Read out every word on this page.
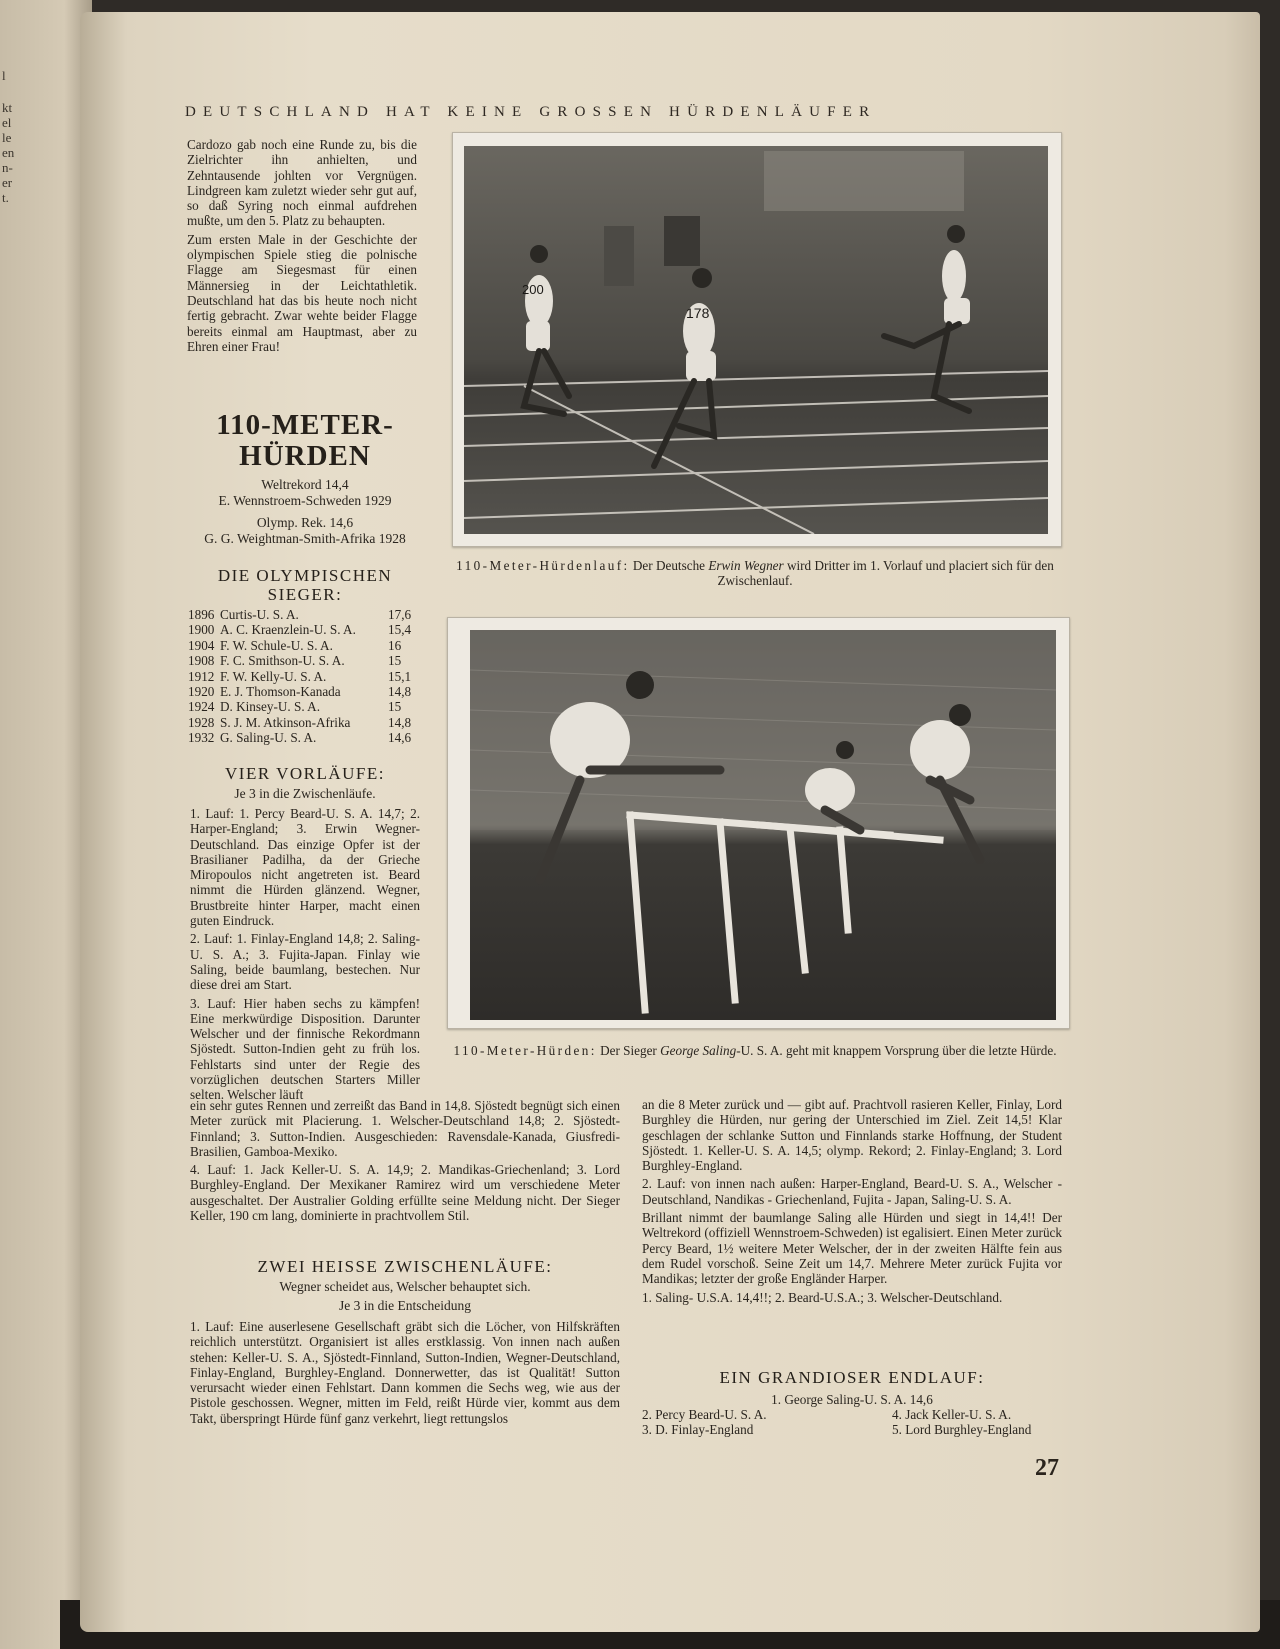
l
kt
el
le
en
n-
er
t.
DEUTSCHLAND HAT KEINE GROSSEN HÜRDENLÄUFER

Cardozo gab noch eine Runde zu, bis die Zielrichter ihn anhielten, und Zehntausende johlten vor Vergnügen. Lindgreen kam zuletzt wieder sehr gut auf, so daß Syring noch einmal aufdrehen mußte, um den 5. Platz zu behaupten.

Zum ersten Male in der Geschichte der olympischen Spiele stieg die polnische Flagge am Siegesmast für einen Männersieg in der Leichtathletik. Deutschland hat das bis heute noch nicht fertig gebracht. Zwar wehte beider Flagge bereits einmal am Hauptmast, aber zu Ehren einer Frau!

110-METER-
HÜRDEN
Weltrekord 14,4
E. Wennstroem-Schweden 1929
Olymp. Rek. 14,6
G. G. Weightman-Smith-Afrika 1928
DIE OLYMPISCHEN
SIEGER:
1896 Curtis-U. S. A.	17,6
1900 A. C. Kraenzlein-U. S. A.	15,4
1904 F. W. Schule-U. S. A.	16
1908 F. C. Smithson-U. S. A.	15
1912 F. W. Kelly-U. S. A.	15,1
1920 E. J. Thomson-Kanada	14,8
1924 D. Kinsey-U. S. A.	15
1928 S. J. M. Atkinson-Afrika	14,8
1932 G. Saling-U. S. A.	14,6
VIER VORLÄUFE:
Je 3 in die Zwischenläufe.

1. Lauf: 1. Percy Beard-U. S. A. 14,7; 2. Harper-England; 3. Erwin Wegner-Deutschland. Das einzige Opfer ist der Brasilianer Padilha, da der Grieche Miropoulos nicht angetreten ist. Beard nimmt die Hürden glänzend. Wegner, Brustbreite hinter Harper, macht einen guten Eindruck.

2. Lauf: 1. Finlay-England 14,8; 2. Saling-U. S. A.; 3. Fujita-Japan. Finlay wie Saling, beide baumlang, bestechen. Nur diese drei am Start.

3. Lauf: Hier haben sechs zu kämpfen! Eine merkwürdige Disposition. Darunter Welscher und der finnische Rekordmann Sjöstedt. Sutton-Indien geht zu früh los. Fehlstarts sind unter der Regie des vorzüglichen deutschen Starters Miller selten. Welscher läuft

ein sehr gutes Rennen und zerreißt das Band in 14,8. Sjöstedt begnügt sich einen Meter zurück mit Placierung. 1. Welscher-Deutschland 14,8; 2. Sjöstedt-Finnland; 3. Sutton-Indien. Ausgeschieden: Ravensdale-Kanada, Giusfredi-Brasilien, Gamboa-Mexiko.

4. Lauf: 1. Jack Keller-U. S. A. 14,9; 2. Mandikas-Griechenland; 3. Lord Burghley-England. Der Mexikaner Ramirez wird um verschiedene Meter ausgeschaltet. Der Australier Golding erfüllte seine Meldung nicht. Der Sieger Keller, 190 cm lang, dominierte in prachtvollem Stil.

ZWEI HEISSE ZWISCHENLÄUFE:
Wegner scheidet aus, Welscher behauptet sich.
Je 3 in die Entscheidung

1. Lauf: Eine auserlesene Gesellschaft gräbt sich die Löcher, von Hilfskräften reichlich unterstützt. Organisiert ist alles erstklassig. Von innen nach außen stehen: Keller-U. S. A., Sjöstedt-Finnland, Sutton-Indien, Wegner-Deutschland, Finlay-England, Burghley-England. Donnerwetter, das ist Qualität! Sutton verursacht wieder einen Fehlstart. Dann kommen die Sechs weg, wie aus der Pistole geschossen. Wegner, mitten im Feld, reißt Hürde vier, kommt aus dem Takt, überspringt Hürde fünf ganz verkehrt, liegt rettungslos

an die 8 Meter zurück und — gibt auf. Prachtvoll rasieren Keller, Finlay, Lord Burghley die Hürden, nur gering der Unterschied im Ziel. Zeit 14,5! Klar geschlagen der schlanke Sutton und Finnlands starke Hoffnung, der Student Sjöstedt. 1. Keller-U. S. A. 14,5; olymp. Rekord; 2. Finlay-England; 3. Lord Burghley-England.

2. Lauf: von innen nach außen: Harper-England, Beard-U. S. A., Welscher - Deutschland, Nandikas - Griechenland, Fujita - Japan, Saling-U. S. A.

Brillant nimmt der baumlange Saling alle Hürden und siegt in 14,4!! Der Weltrekord (offiziell Wennstroem-Schweden) ist egalisiert. Einen Meter zurück Percy Beard, 1½ weitere Meter Welscher, der in der zweiten Hälfte fein aus dem Rudel vorschoß. Seine Zeit um 14,7. Mehrere Meter zurück Fujita vor Mandikas; letzter der große Engländer Harper.

1. Saling- U.S.A. 14,4!!; 2. Beard-U.S.A.; 3. Welscher-Deutschland.

EIN GRANDIOSER ENDLAUF:
1. George Saling-U. S. A. 14,6
2. Percy Beard-U. S. A.	4. Jack Keller-U. S. A.
3. D. Finlay-England	5. Lord Burghley-England
200
178
110-Meter-Hürdenlauf: Der Deutsche Erwin Wegner wird Dritter im 1. Vorlauf und placiert sich für den Zwischenlauf.
110-Meter-Hürden: Der Sieger George Saling-U. S. A. geht mit knappem Vorsprung über die letzte Hürde.
27
